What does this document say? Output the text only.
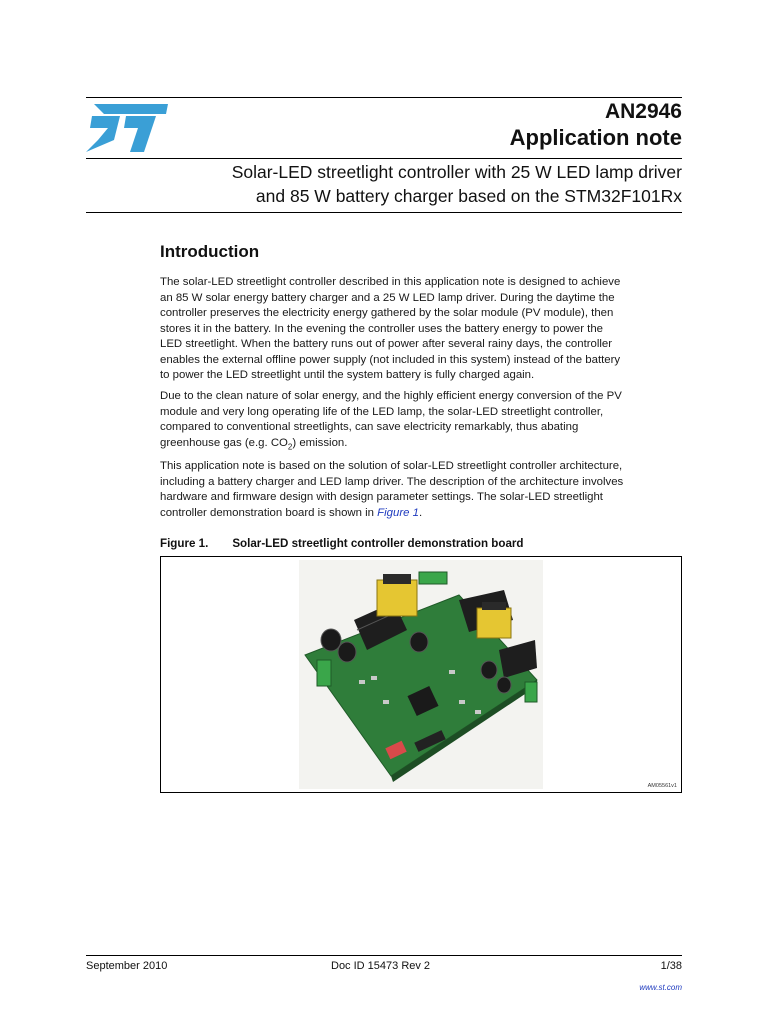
AN2946
Application note
Solar-LED streetlight controller with 25 W LED lamp driver
and 85 W battery charger based on the STM32F101Rx
Introduction

The solar-LED streetlight controller described in this application note is designed to achieve

an 85 W solar energy battery charger and a 25 W LED lamp driver. During the daytime the

controller preserves the electricity energy gathered by the solar module (PV module), then

stores it in the battery. In the evening the controller uses the battery energy to power the

LED streetlight. When the battery runs out of power after several rainy days, the controller

enables the external offline power supply (not included in this system) instead of the battery

to power the LED streetlight until the system battery is fully charged again.

Due to the clean nature of solar energy, and the highly efficient energy conversion of the PV

module and very long operating life of the LED lamp, the solar-LED streetlight controller,

compared to conventional streetlights, can save electricity remarkably, thus abating

greenhouse gas (e.g. $CO_2$) emission.

This application note is based on the solution of solar-LED streetlight controller architecture,

including a battery charger and LED lamp driver. The description of the architecture involves

hardware and firmware design with design parameter settings. The solar-LED streetlight

controller demonstration board is shown in Figure 1.

Figure 1. Solar-LED streetlight controller demonstration board
AM05561v1
September 2010	Doc ID 15473 Rev 2	1/38
www.st.com
